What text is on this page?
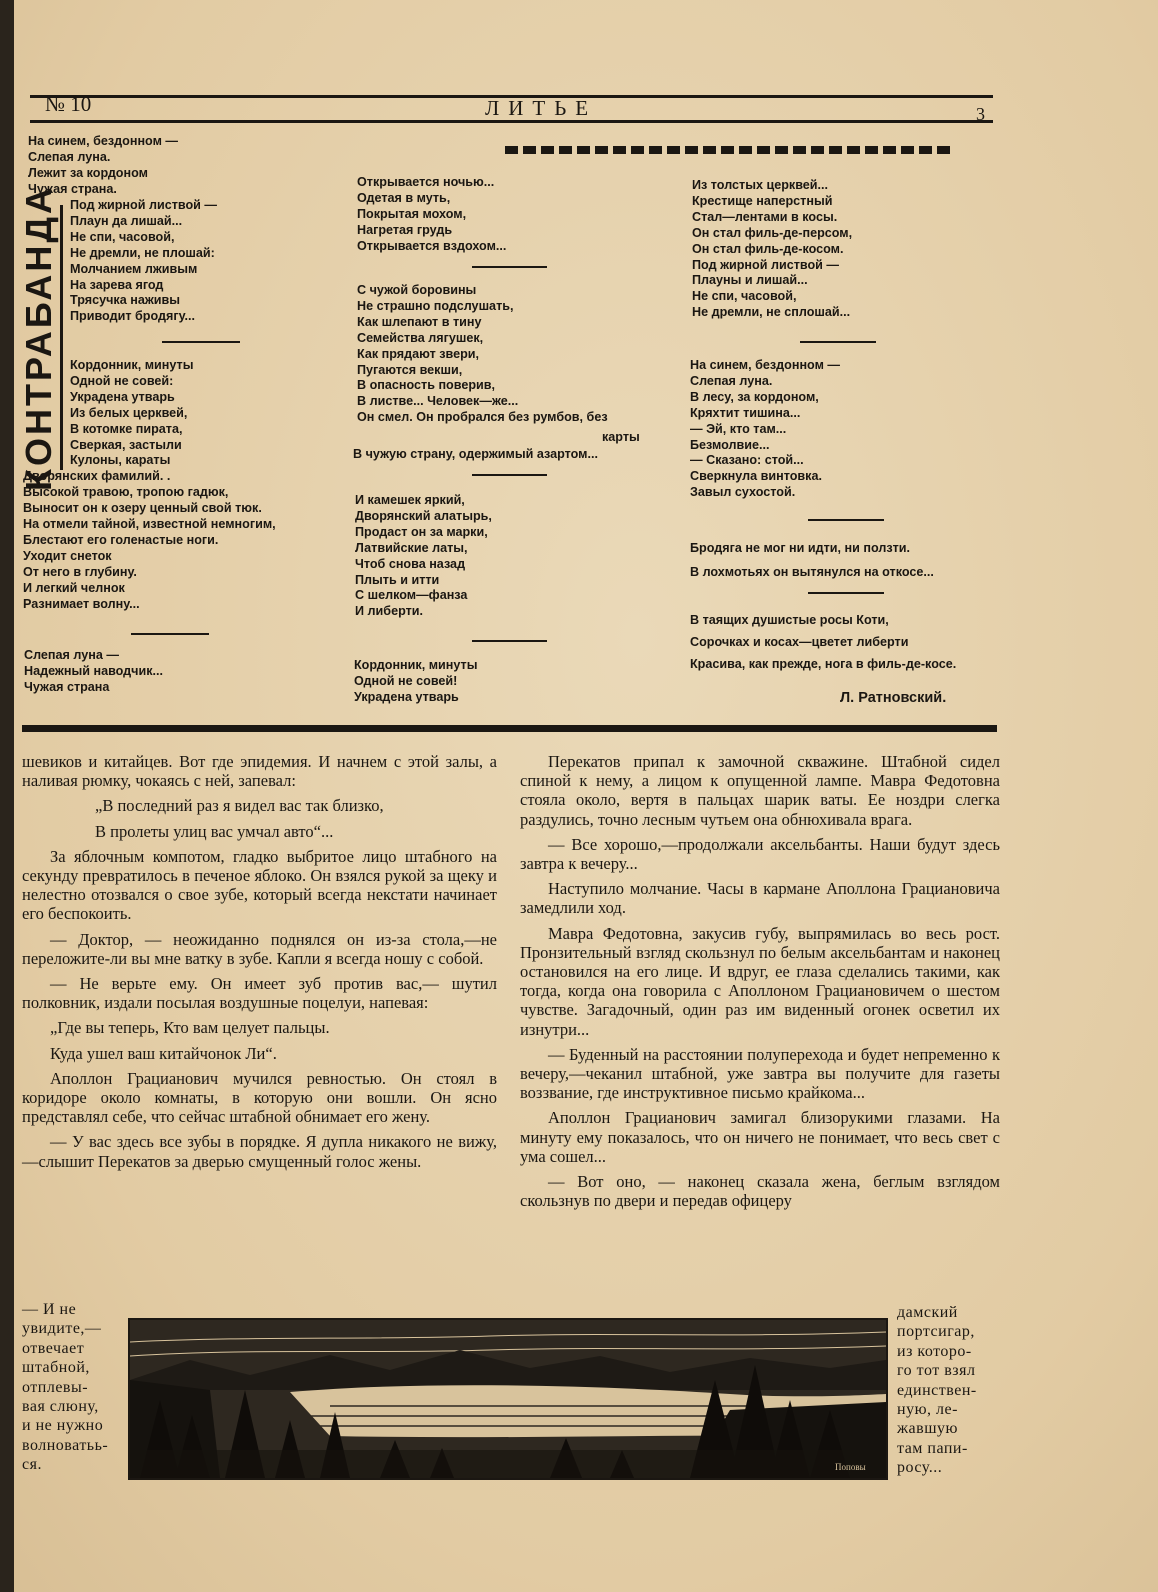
№ 10	ЛИТЬЕ	3
На синем, бездонном —
Слепая луна.
Лежит за кордоном
Чужая страна.
КОНТРАБАНДА Под жирной листвой —
Плаун да лишай...
Не спи, часовой,
Не дремли, не плошай:
Молчанием лживым
На зарева ягод
Трясучка наживы
Приводит бродягу...
Кордонник, минуты
Одной не совей:
Украдена утварь
Из белых церквей,
В котомке пирата,
Сверкая, застыли
Кулоны, караты
Дворянских фамилий. .
Высокой травою, тропою гадюк,
Выносит он к озеру ценный свой тюк.
На отмели тайной, известной немногим,
Блестают его голенастые ноги.
Уходит снеток
От него в глубину.
И легкий челнок
Разнимает волну...
Слепая луна —
Надежный наводчик...
Чужая страна
Открывается ночью...
Одетая в муть,
Покрытая мохом,
Нагретая грудь
Открывается вздохом...
С чужой боровины
Не страшно подслушать,
Как шлепают в тину
Семейства лягушек,
Как прядают звери,
Пугаются векши,
В опасность поверив,
В листве... Человек—же...
Он смел. Он пробрался без румбов, без
карты
В чужую страну, одержимый азартом...
И камешек яркий,
Дворянский алатырь,
Продаст он за марки,
Латвийские латы,
Чтоб снова назад
Плыть и итти
С шелком—фанза
И либерти.
Кордонник, минуты
Одной не совей!
Украдена утварь
Из толстых церквей...
Крестище наперстный
Стал—лентами в косы.
Он стал филь-де-персом,
Он стал филь-де-косом.
Под жирной листвой —
Плауны и лишай...
Не спи, часовой,
Не дремли, не сплошай...
На синем, бездонном —
Слепая луна.
В лесу, за кордоном,
Кряхтит тишина...
— Эй, кто там...
Безмолвие...
— Сказано: стой...
Сверкнула винтовка.
Завыл сухостой.
Бродяга не мог ни идти, ни ползти.
В лохмотьях он вытянулся на откосе...
В таящих душистые росы Коти,
Сорочках и косах—цветет либерти
Красива, как прежде, нога в филь-де-косе.
Л. Ратновский.

шевиков и китайцев. Вот где эпидемия. И начнем с этой залы, а наливая рюмку, чокаясь с ней, запевал:

„В последний раз я видел вас так близко,

В пролеты улиц вас умчал авто“...

За яблочным компотом, гладко выбритое лицо штабного на секунду превратилось в печеное яблоко. Он взялся рукой за щеку и нелестно отозвался о свое зубе, который всегда некстати начинает его беспокоить.

— Доктор, — неожиданно поднялся он из-за стола,—не переложите-ли вы мне ватку в зубе. Капли я всегда ношу с собой.

— Не верьте ему. Он имеет зуб против вас,— шутил полковник, издали посылая воздушные поцелуи, напевая:

„Где вы теперь, Кто вам целует пальцы.

Куда ушел ваш китайчонок Ли“.

Аполлон Грацианович мучился ревностью. Он стоял в коридоре около комнаты, в которую они вошли. Он ясно представлял себе, что сейчас штабной обнимает его жену.

— У вас здесь все зубы в порядке. Я дупла никакого не вижу,—слышит Перекатов за дверью смущенный голос жены.

— И не
увидите,—
отвечает
штабной,
отплевы-
вая слюну,
и не нужно
волноватьь-
ся.

Перекатов припал к замочной скважине. Штабной сидел спиной к нему, а лицом к опущенной лампе. Мавра Федотовна стояла около, вертя в пальцах шарик ваты. Ее ноздри слегка раздулись, точно лесным чутьем она обнюхивала врага.

— Все хорошо,—продолжали аксельбанты. Наши будут здесь завтра к вечеру...

Наступило молчание. Часы в кармане Аполлона Грациановича замедлили ход.

Мавра Федотовна, закусив губу, выпрямилась во весь рост. Пронзительный взгляд скользнул по белым аксельбантам и наконец остановился на его лице. И вдруг, ее глаза сделались такими, как тогда, когда она говорила с Аполлоном Грациановичем о шестом чувстве. Загадочный, один раз им виденный огонек осветил их изнутри...

— Буденный на расстоянии полуперехода и будет непременно к вечеру,—чеканил штабной, уже завтра вы получите для газеты воззвание, где инструктивное письмо крайкома...

Аполлон Грацианович замигал близорукими глазами. На минуту ему показалось, что он ничего не понимает, что весь свет с ума сошел...

— Вот оно, — наконец сказала жена, беглым взглядом скользнув по двери и передав офицеру

дамский
портсигар,
из которо-
го тот взял
единствен-
ную, ле-
жавшую
там папи-
росу...
Поповы
